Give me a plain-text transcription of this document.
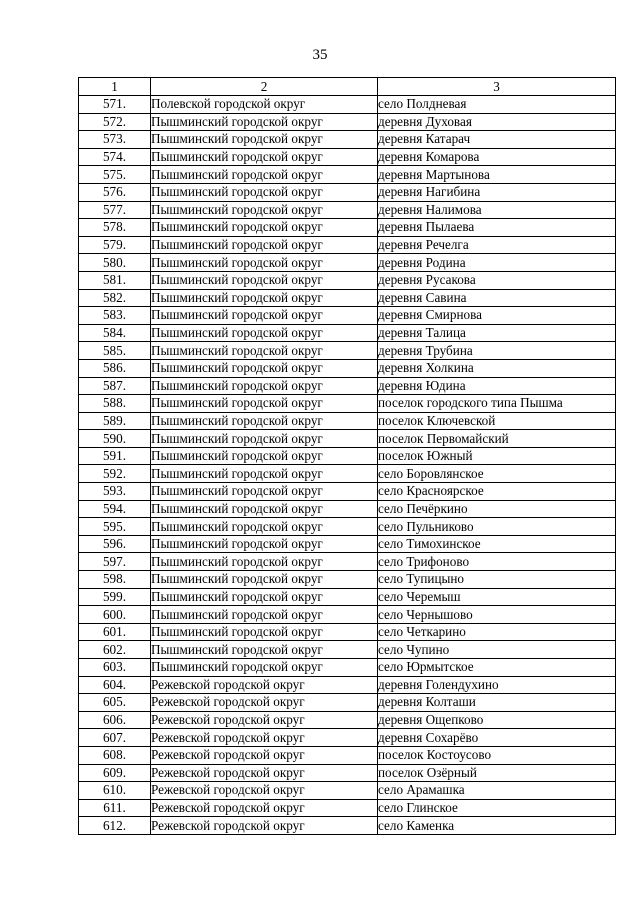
35
1	2	3
571.	Полевской городской округ	село Полдневая
572.	Пышминский городской округ	деревня Духовая
573.	Пышминский городской округ	деревня Катарач
574.	Пышминский городской округ	деревня Комарова
575.	Пышминский городской округ	деревня Мартынова
576.	Пышминский городской округ	деревня Нагибина
577.	Пышминский городской округ	деревня Налимова
578.	Пышминский городской округ	деревня Пылаева
579.	Пышминский городской округ	деревня Речелга
580.	Пышминский городской округ	деревня Родина
581.	Пышминский городской округ	деревня Русакова
582.	Пышминский городской округ	деревня Савина
583.	Пышминский городской округ	деревня Смирнова
584.	Пышминский городской округ	деревня Талица
585.	Пышминский городской округ	деревня Трубина
586.	Пышминский городской округ	деревня Холкина
587.	Пышминский городской округ	деревня Юдина
588.	Пышминский городской округ	поселок городского типа Пышма
589.	Пышминский городской округ	поселок Ключевской
590.	Пышминский городской округ	поселок Первомайский
591.	Пышминский городской округ	поселок Южный
592.	Пышминский городской округ	село Боровлянское
593.	Пышминский городской округ	село Красноярское
594.	Пышминский городской округ	село Печёркино
595.	Пышминский городской округ	село Пульниково
596.	Пышминский городской округ	село Тимохинское
597.	Пышминский городской округ	село Трифоново
598.	Пышминский городской округ	село Тупицыно
599.	Пышминский городской округ	село Черемыш
600.	Пышминский городской округ	село Чернышово
601.	Пышминский городской округ	село Четкарино
602.	Пышминский городской округ	село Чупино
603.	Пышминский городской округ	село Юрмытское
604.	Режевской городской округ	деревня Голендухино
605.	Режевской городской округ	деревня Колташи
606.	Режевской городской округ	деревня Ощепково
607.	Режевской городской округ	деревня Сохарёво
608.	Режевской городской округ	поселок Костоусово
609.	Режевской городской округ	поселок Озёрный
610.	Режевской городской округ	село Арамашка
611.	Режевской городской округ	село Глинское
612.	Режевской городской округ	село Каменка
